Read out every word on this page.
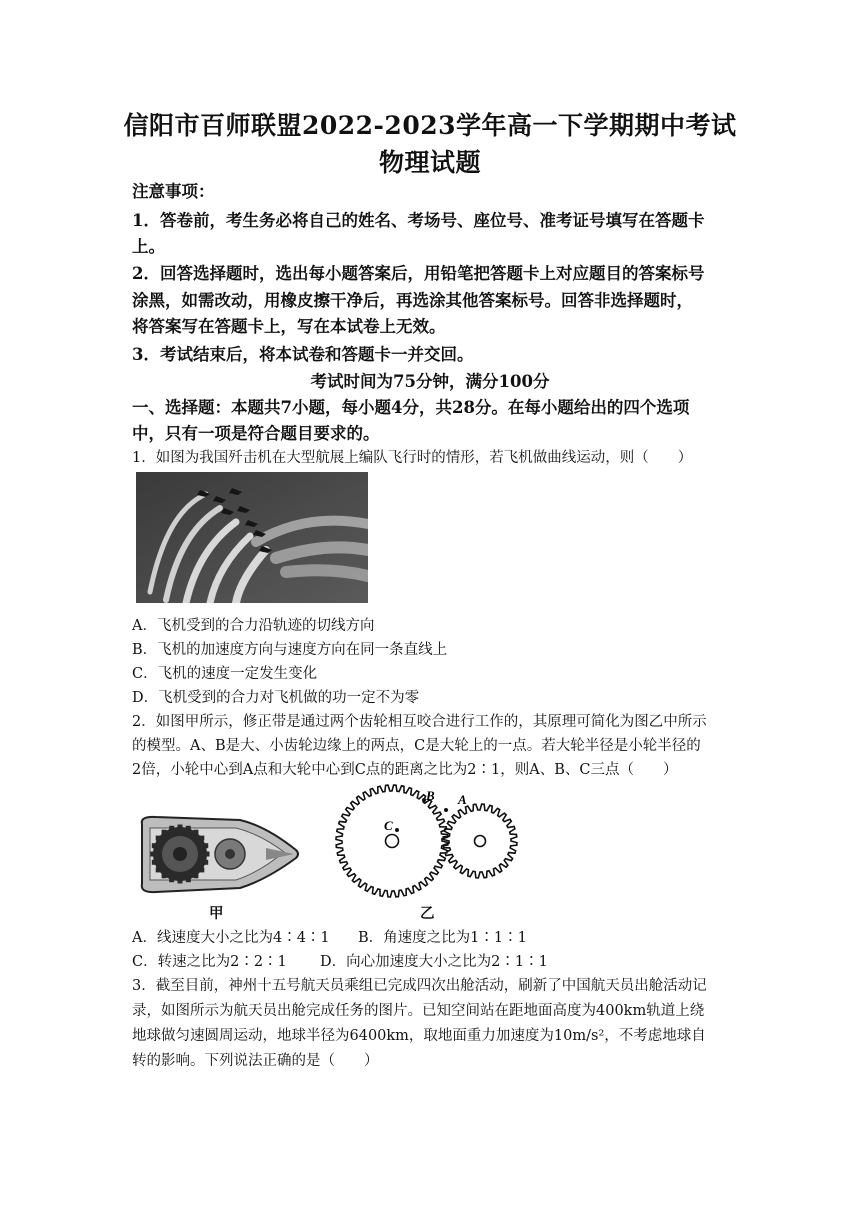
信阳市百师联盟2022-2023学年高一下学期期中考试
物理试题
注意事项：
1．答卷前，考生务必将自己的姓名、考场号、座位号、准考证号填写在答题卡
上。
2．回答选择题时，选出每小题答案后，用铅笔把答题卡上对应题目的答案标号
涂黑，如需改动，用橡皮擦干净后，再选涂其他答案标号。回答非选择题时，
将答案写在答题卡上，写在本试卷上无效。
3．考试结束后，将本试卷和答题卡一并交回。
考试时间为75分钟，满分100分
一、选择题：本题共7小题，每小题4分，共28分。在每小题给出的四个选项
中，只有一项是符合题目要求的。
1．如图为我国歼击机在大型航展上编队飞行时的情形，若飞机做曲线运动，则（　　）
A．飞机受到的合力沿轨迹的切线方向
B．飞机的加速度方向与速度方向在同一条直线上
C．飞机的速度一定发生变化
D．飞机受到的合力对飞机做的功一定不为零
2．如图甲所示，修正带是通过两个齿轮相互咬合进行工作的，其原理可简化为图乙中所示
的模型。A、B是大、小齿轮边缘上的两点，C是大轮上的一点。若大轮半径是小轮半径的
2倍，小轮中心到A点和大轮中心到C点的距离之比为2∶1，则A、B、C三点（　　）
甲
C
A
B
乙
A．线速度大小之比为4∶4∶1 B．角速度之比为1∶1∶1
C．转速之比为2∶2∶1 D．向心加速度大小之比为2∶1∶1
3．截至目前，神州十五号航天员乘组已完成四次出舱活动，刷新了中国航天员出舱活动记
录，如图所示为航天员出舱完成任务的图片。已知空间站在距地面高度为400km轨道上绕
地球做匀速圆周运动，地球半径为6400km，取地面重力加速度为10m/s²，不考虑地球自
转的影响。下列说法正确的是（　　）
